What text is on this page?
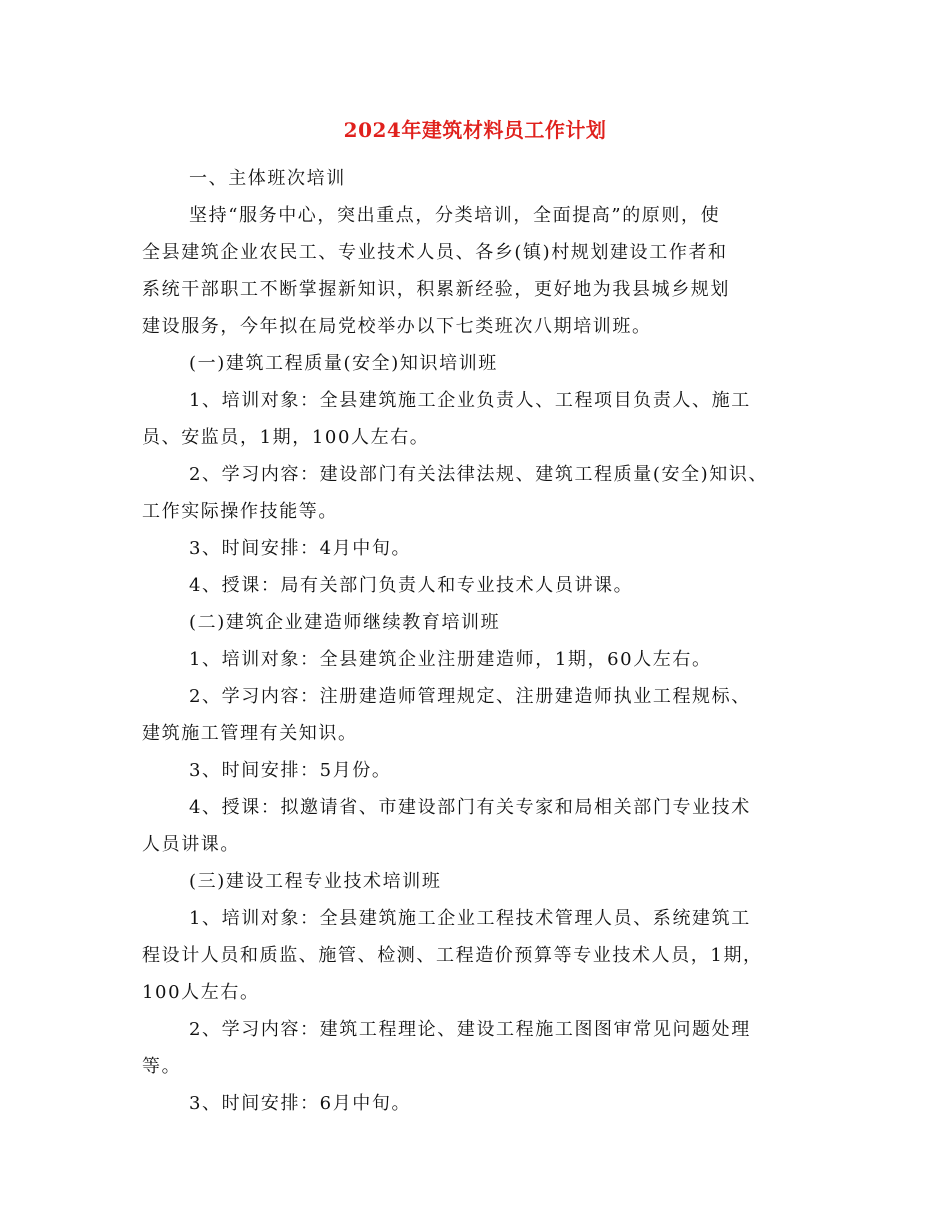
2024年建筑材料员工作计划
一、主体班次培训
坚持“服务中心，突出重点，分类培训，全面提高”的原则，使
全县建筑企业农民工、专业技术人员、各乡(镇)村规划建设工作者和
系统干部职工不断掌握新知识，积累新经验，更好地为我县城乡规划
建设服务，今年拟在局党校举办以下七类班次八期培训班。
(一)建筑工程质量(安全)知识培训班
1、培训对象：全县建筑施工企业负责人、工程项目负责人、施工
员、安监员，1期，100人左右。
2、学习内容：建设部门有关法律法规、建筑工程质量(安全)知识、
工作实际操作技能等。
3、时间安排：4月中旬。
4、授课：局有关部门负责人和专业技术人员讲课。
(二)建筑企业建造师继续教育培训班
1、培训对象：全县建筑企业注册建造师，1期，60人左右。
2、学习内容：注册建造师管理规定、注册建造师执业工程规标、
建筑施工管理有关知识。
3、时间安排：5月份。
4、授课：拟邀请省、市建设部门有关专家和局相关部门专业技术
人员讲课。
(三)建设工程专业技术培训班
1、培训对象：全县建筑施工企业工程技术管理人员、系统建筑工
程设计人员和质监、施管、检测、工程造价预算等专业技术人员，1期，
100人左右。
2、学习内容：建筑工程理论、建设工程施工图图审常见问题处理
等。
3、时间安排：6月中旬。
